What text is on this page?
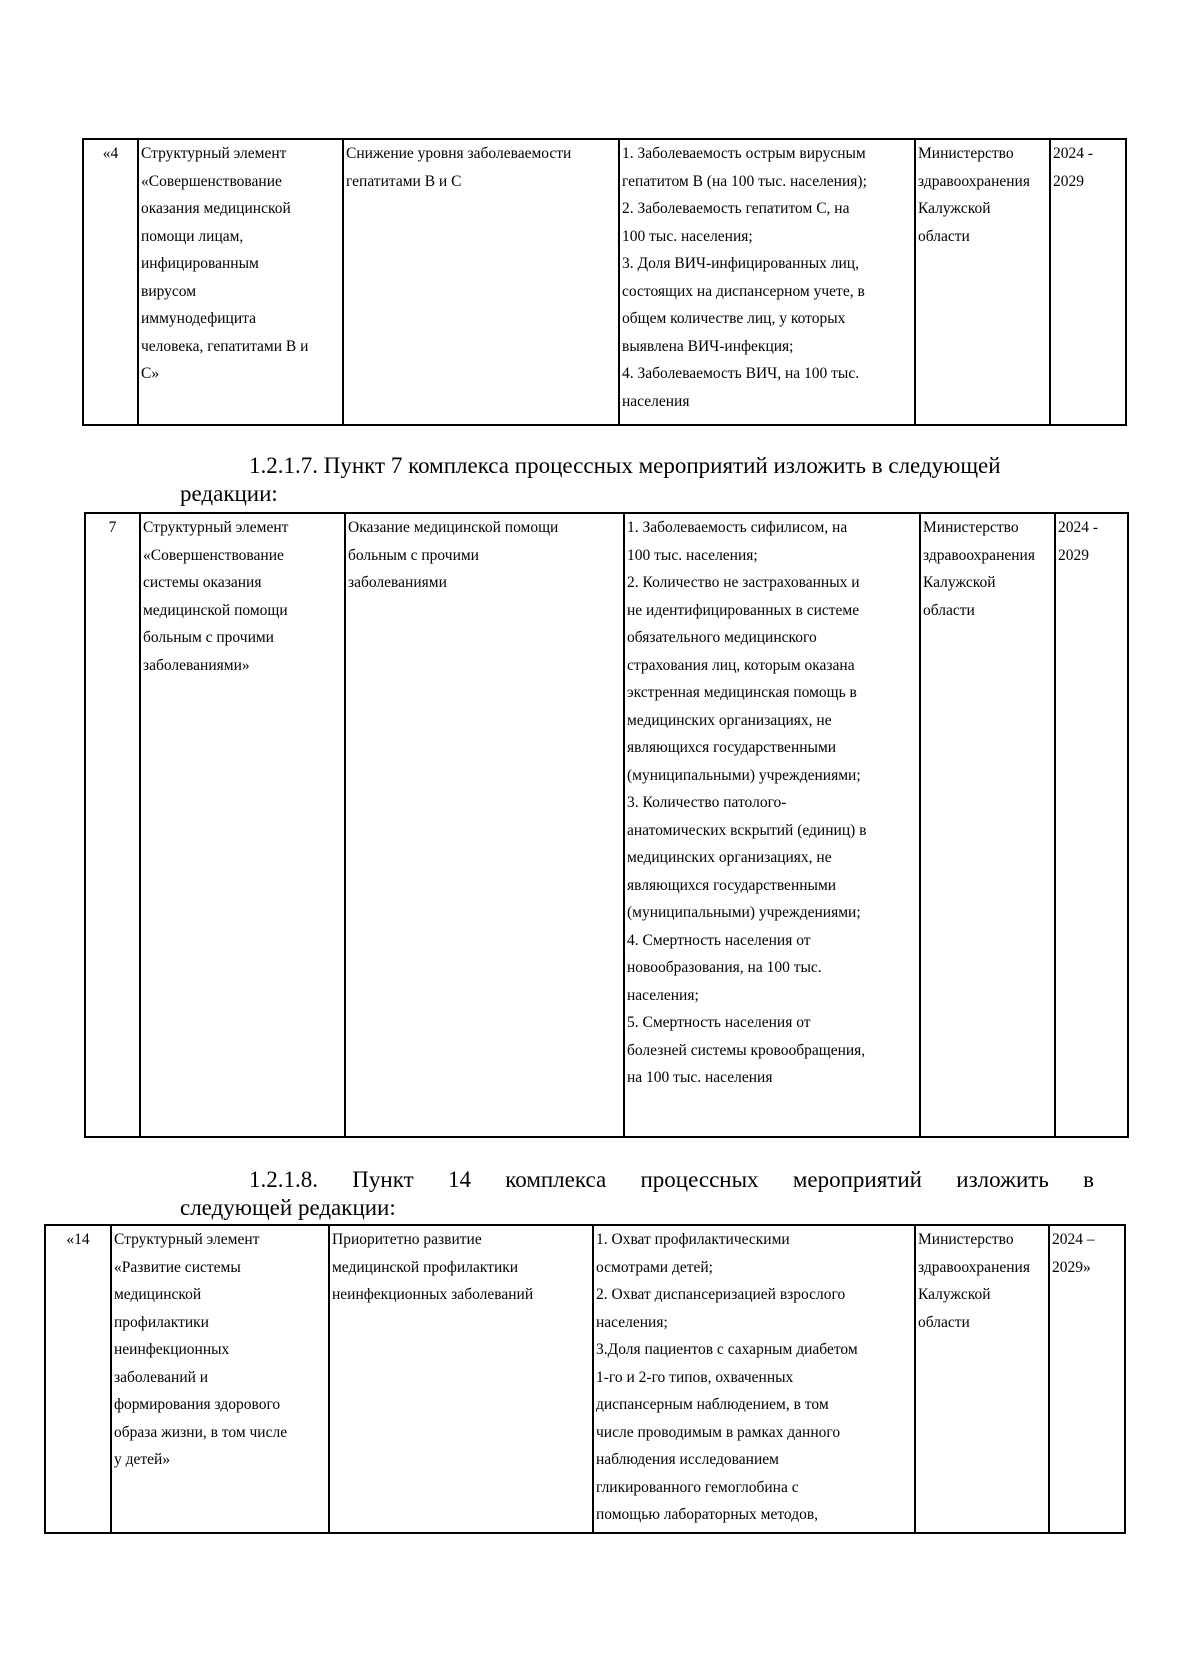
«4	Структурный элемент
«Совершенствование
оказания медицинской
помощи лицам,
инфицированным
вирусом
иммунодефицита
человека, гепатитами В и
С»	Снижение уровня заболеваемости
гепатитами В и С	1. Заболеваемость острым вирусным
гепатитом В (на 100 тыс. населения);
2. Заболеваемость гепатитом С, на
100 тыс. населения;
3. Доля ВИЧ-инфицированных лиц,
состоящих на диспансерном учете, в
общем количестве лиц, у которых
выявлена ВИЧ-инфекция;
4. Заболеваемость ВИЧ, на 100 тыс.
населения	Министерство
здравоохранения
Калужской
области	2024 -
2029
1.2.1.7. Пункт 7 комплекса процессных мероприятий изложить в следующей
редакции:
7	Структурный элемент
«Совершенствование
системы оказания
медицинской помощи
больным с прочими
заболеваниями»	Оказание медицинской помощи
больным с прочими
заболеваниями	1. Заболеваемость сифилисом, на
100 тыс. населения;
2. Количество не застрахованных и
не идентифицированных в системе
обязательного медицинского
страхования лиц, которым оказана
экстренная медицинская помощь в
медицинских организациях, не
являющихся государственными
(муниципальными) учреждениями;
3. Количество патолого-
анатомических вскрытий (единиц) в
медицинских организациях, не
являющихся государственными
(муниципальными) учреждениями;
4. Смертность населения от
новообразования, на 100 тыс.
населения;
5. Смертность населения от
болезней системы кровообращения,
на 100 тыс. населения	Министерство
здравоохранения
Калужской
области	2024 -
2029
1.2.1.8. Пункт 14 комплекса процессных мероприятий изложить в
следующей редакции:
«14	Структурный элемент
«Развитие системы
медицинской
профилактики
неинфекционных
заболеваний и
формирования здорового
образа жизни, в том числе
у детей»	Приоритетно развитие
медицинской профилактики
неинфекционных заболеваний	1. Охват профилактическими
осмотрами детей;
2. Охват диспансеризацией взрослого
населения;
3.Доля пациентов с сахарным диабетом
1-го и 2-го типов, охваченных
диспансерным наблюдением, в том
числе проводимым в рамках данного
наблюдения исследованием
гликированного гемоглобина с
помощью лабораторных методов,	Министерство
здравоохранения
Калужской
области	2024 –
2029»
